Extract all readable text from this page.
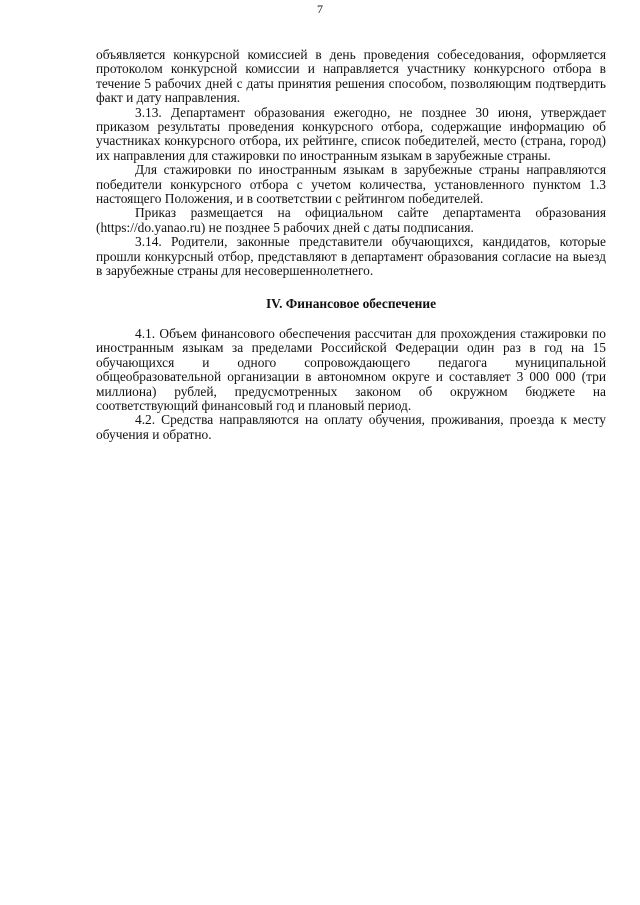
7

объявляется конкурсной комиссией в день проведения собеседования, оформляется протоколом конкурсной комиссии и направляется участнику конкурсного отбора в течение 5 рабочих дней с даты принятия решения способом, позволяющим подтвердить факт и дату направления.

3.13. Департамент образования ежегодно, не позднее 30 июня, утверждает приказом результаты проведения конкурсного отбора, содержащие информацию об участниках конкурсного отбора, их рейтинге, список победителей, место (страна, город) их направления для стажировки по иностранным языкам в зарубежные страны.

Для стажировки по иностранным языкам в зарубежные страны направляются победители конкурсного отбора с учетом количества, установленного пунктом 1.3 настоящего Положения, и в соответствии с рейтингом победителей.

Приказ размещается на официальном сайте департамента образования (https://do.yanao.ru) не позднее 5 рабочих дней с даты подписания.

3.14. Родители, законные представители обучающихся, кандидатов, которые прошли конкурсный отбор, представляют в департамент образования согласие на выезд в зарубежные страны для несовершеннолетнего.

IV. Финансовое обеспечение

4.1. Объем финансового обеспечения рассчитан для прохождения стажировки по иностранным языкам за пределами Российской Федерации один раз в год на 15 обучающихся и одного сопровождающего педагога муниципальной общеобразовательной организации в автономном округе и составляет 3 000 000 (три миллиона) рублей, предусмотренных законом об окружном бюджете на соответствующий финансовый год и плановый период.

4.2. Средства направляются на оплату обучения, проживания, проезда к месту обучения и обратно.
